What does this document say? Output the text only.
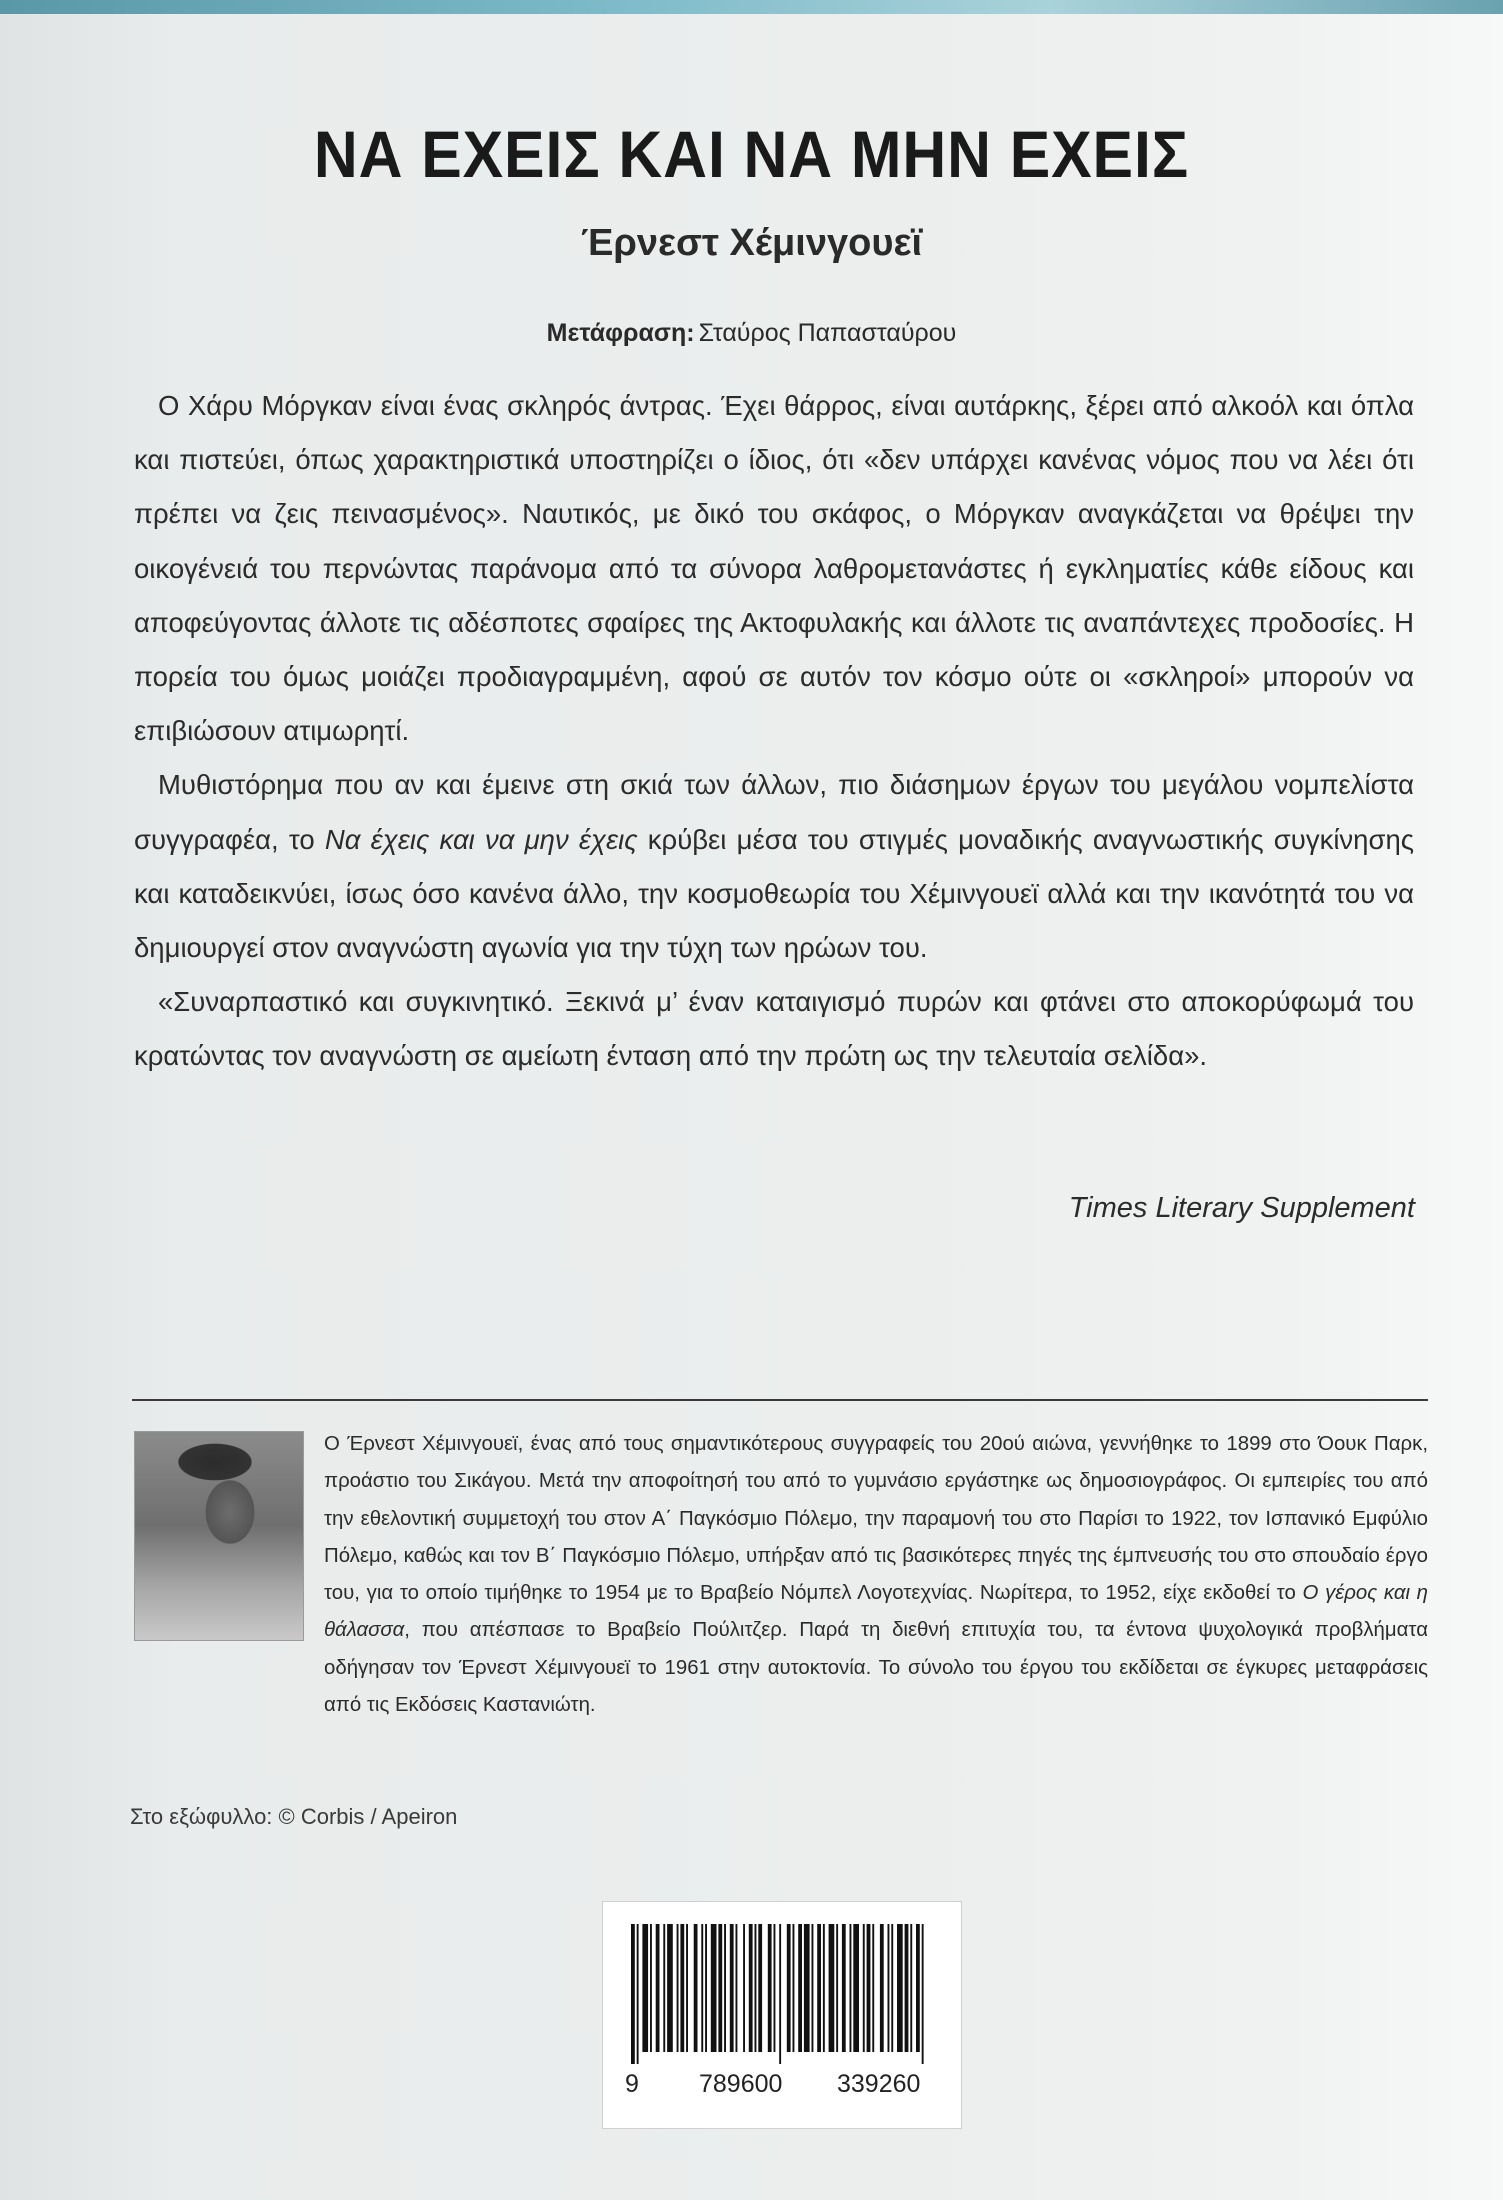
ΝΑ ΕΧΕΙΣ ΚΑΙ ΝΑ ΜΗΝ ΕΧΕΙΣ
Έρνεστ Χέμινγουεϊ
Μετάφραση: Σταύρος Παπασταύρου

Ο Χάρυ Μόργκαν είναι ένας σκληρός άντρας. Έχει θάρρος, είναι αυτάρκης, ξέρει από αλκοόλ και όπλα και πιστεύει, όπως χαρακτηριστικά υποστηρίζει ο ίδιος, ότι «δεν υπάρχει κανένας νόμος που να λέει ότι πρέπει να ζεις πεινασμένος». Ναυτικός, με δικό του σκάφος, ο Μόργκαν αναγκάζεται να θρέψει την οικογένειά του περνώντας παράνομα από τα σύνορα λαθρομετανάστες ή εγκληματίες κάθε είδους και αποφεύγοντας άλλοτε τις αδέσποτες σφαίρες της Ακτοφυλακής και άλλοτε τις αναπάντεχες προδοσίες. Η πορεία του όμως μοιάζει προδιαγραμμένη, αφού σε αυτόν τον κόσμο ούτε οι «σκληροί» μπορούν να επιβιώσουν ατιμωρητί.

Μυθιστόρημα που αν και έμεινε στη σκιά των άλλων, πιο διάσημων έργων του μεγάλου νομπελίστα συγγραφέα, το Να έχεις και να μην έχεις κρύβει μέσα του στιγμές μοναδικής αναγνωστικής συγκίνησης και καταδεικνύει, ίσως όσο κανένα άλλο, την κοσμοθεωρία του Χέμινγουεϊ αλλά και την ικανότητά του να δημιουργεί στον αναγνώστη αγωνία για την τύχη των ηρώων του.

«Συναρπαστικό και συγκινητικό. Ξεκινά μ’ έναν καταιγισμό πυρών και φτάνει στο αποκορύφωμά του κρατώντας τον αναγνώστη σε αμείωτη ένταση από την πρώτη ως την τελευταία σελίδα».

Times Literary Supplement
Ο Έρνεστ Χέμινγουεϊ, ένας από τους σημαντικότερους συγγραφείς του 20ού αιώνα, γεννήθηκε το 1899 στο Όουκ Παρκ, προάστιο του Σικάγου. Μετά την αποφοίτησή του από το γυμνάσιο εργάστηκε ως δημοσιογράφος. Οι εμπειρίες του από την εθελοντική συμμετοχή του στον Α΄ Παγκόσμιο Πόλεμο, την παραμονή του στο Παρίσι το 1922, τον Ισπανικό Εμφύλιο Πόλεμο, καθώς και τον Β΄ Παγκόσμιο Πόλεμο, υπήρξαν από τις βασικότερες πηγές της έμπνευσής του στο σπουδαίο έργο του, για το οποίο τιμήθηκε το 1954 με το Βραβείο Νόμπελ Λογοτεχνίας. Νωρίτερα, το 1952, είχε εκδοθεί το Ο γέρος και η θάλασσα, που απέσπασε το Βραβείο Πούλιτζερ. Παρά τη διεθνή επιτυχία του, τα έντονα ψυχολογικά προβλήματα οδήγησαν τον Έρνεστ Χέμινγουεϊ το 1961 στην αυτοκτονία. Το σύνολο του έργου του εκδίδεται σε έγκυρες μεταφράσεις από τις Εκδόσεις Καστανιώτη.
Στο εξώφυλλο: © Corbis / Apeiron
9 789600 339260
